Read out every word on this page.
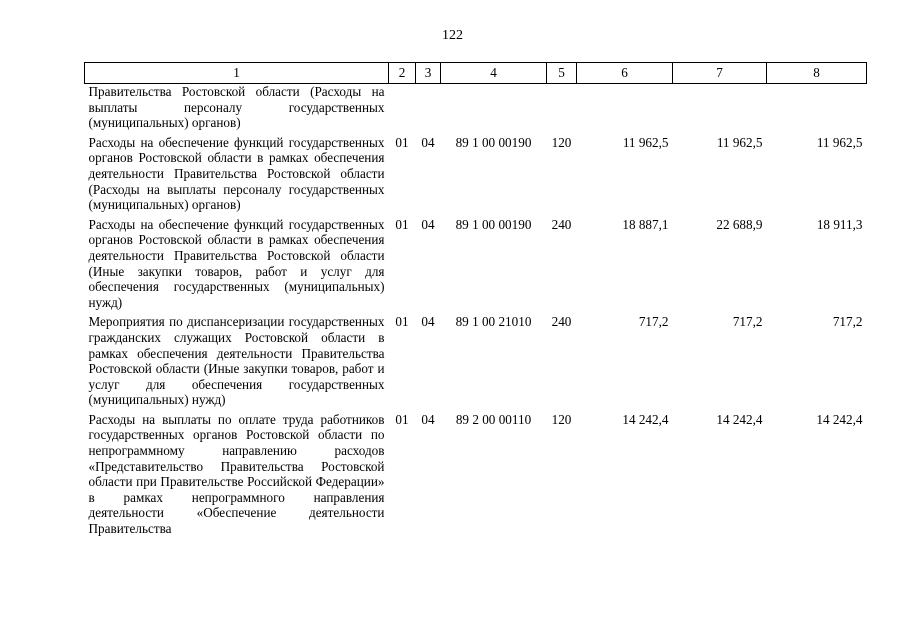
122
1	2	3	4	5	6	7	8
Правительства Ростовской области (Расходы на выплаты персоналу государственных (муниципальных) органов)							
Расходы на обеспечение функций государственных органов Ростовской области в рамках обеспечения деятельности Правительства Ростовской области (Расходы на выплаты персоналу государственных (муниципальных) органов)	01	04	89 1 00 00190	120	11 962,5	11 962,5	11 962,5
Расходы на обеспечение функций государственных органов Ростовской области в рамках обеспечения деятельности Правительства Ростовской области (Иные закупки товаров, работ и услуг для обеспечения государственных (муниципальных) нужд)	01	04	89 1 00 00190	240	18 887,1	22 688,9	18 911,3
Мероприятия по диспансеризации государственных гражданских служащих Ростовской области в рамках обеспечения деятельности Правительства Ростовской области (Иные закупки товаров, работ и услуг для обеспечения государственных (муниципальных) нужд)	01	04	89 1 00 21010	240	717,2	717,2	717,2
Расходы на выплаты по оплате труда работников государственных органов Ростовской области по непрограммному направлению расходов «Представительство Правительства Ростовской области при Правительстве Российской Федерации» в рамках непрограммного направления деятельности «Обеспечение деятельности Правительства	01	04	89 2 00 00110	120	14 242,4	14 242,4	14 242,4
